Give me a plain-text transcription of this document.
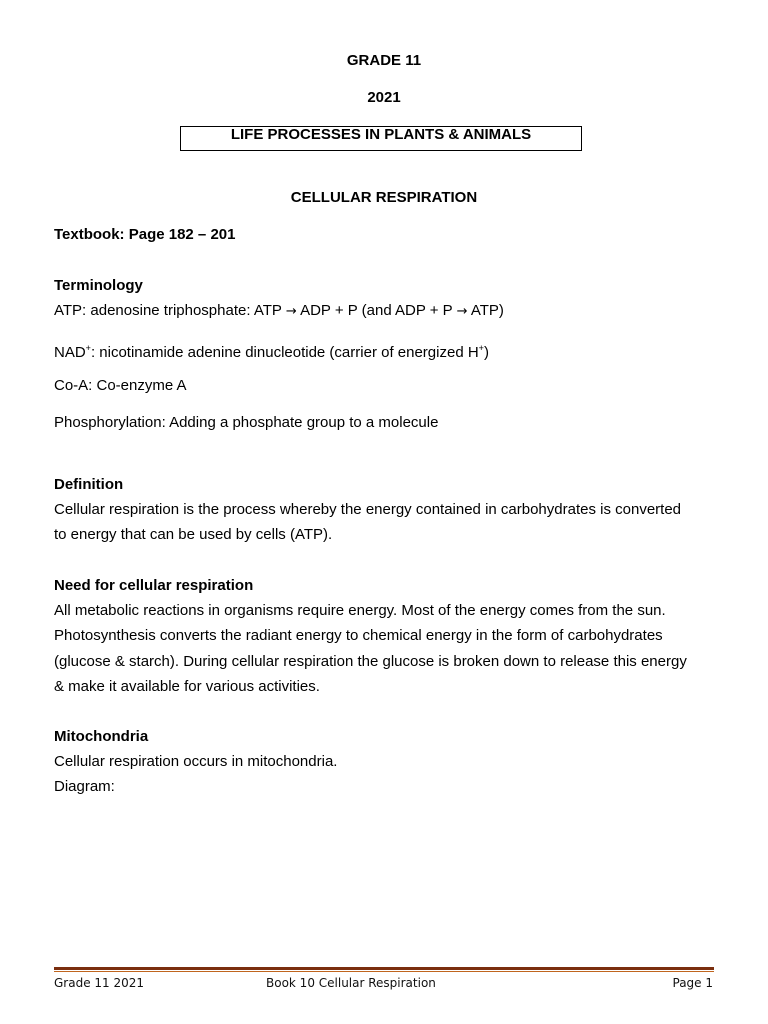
GRADE 11
2021
LIFE PROCESSES IN PLANTS & ANIMALS
CELLULAR RESPIRATION
Textbook: Page 182 – 201
Terminology
ATP: adenosine triphosphate: ATP → ADP + P (and ADP + P → ATP)
NAD+: nicotinamide adenine dinucleotide (carrier of energized H+)
Co-A: Co-enzyme A
Phosphorylation: Adding a phosphate group to a molecule
Definition
Cellular respiration is the process whereby the energy contained in carbohydrates is converted
to energy that can be used by cells (ATP).
Need for cellular respiration
All metabolic reactions in organisms require energy. Most of the energy comes from the sun.
Photosynthesis converts the radiant energy to chemical energy in the form of carbohydrates
(glucose & starch). During cellular respiration the glucose is broken down to release this energy
& make it available for various activities.
Mitochondria
Cellular respiration occurs in mitochondria.
Diagram:
Grade 11 2021	Book 10 Cellular Respiration	Page 1
